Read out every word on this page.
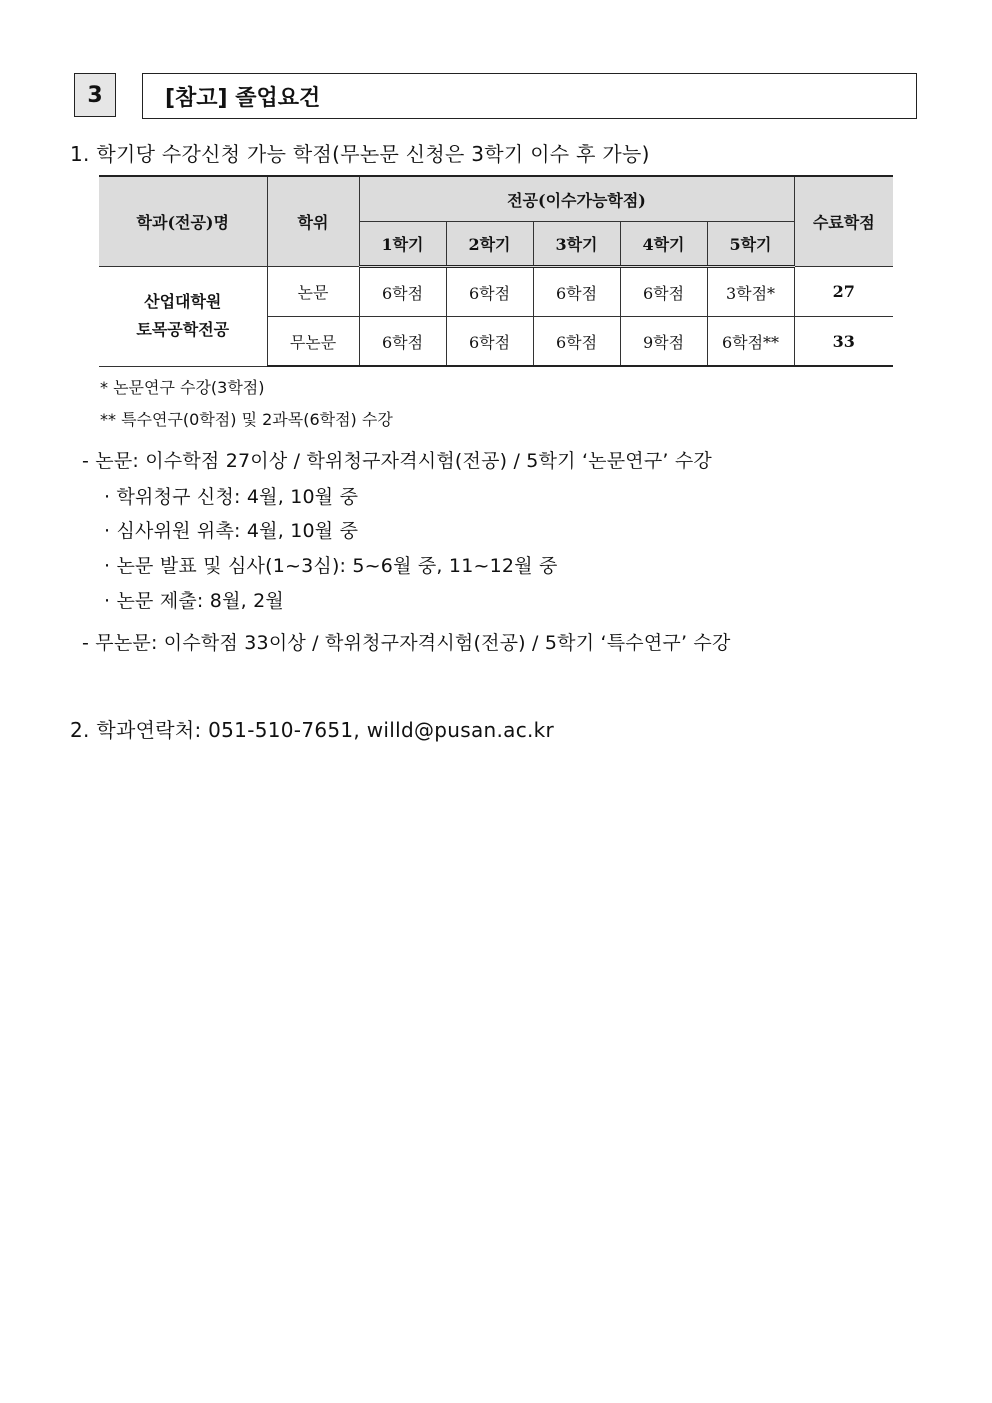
3	[참고] 졸업요건
1. 학기당 수강신청 가능 학점(무논문 신청은 3학기 이수 후 가능)
학과(전공)명	학위	전공(이수가능학점)					수료학점
		1학기	2학기	3학기	4학기	5학기	

산업대학원
토목공학전공	논문	6학점	6학점	6학점	6학점	3학점*	27
	무논문	6학점	6학점	6학점	9학점	6학점**	33
* 논문연구 수강(3학점)
** 특수연구(0학점) 및 2과목(6학점) 수강
- 논문: 이수학점 27이상 / 학위청구자격시험(전공) / 5학기 ‘논문연구’ 수강
· 학위청구 신청: 4월, 10월 중
· 심사위원 위촉: 4월, 10월 중
· 논문 발표 및 심사(1~3심): 5~6월 중, 11~12월 중
· 논문 제출: 8월, 2월
- 무논문: 이수학점 33이상 / 학위청구자격시험(전공) / 5학기 ‘특수연구’ 수강
2. 학과연락처: 051-510-7651, willd@pusan.ac.kr
